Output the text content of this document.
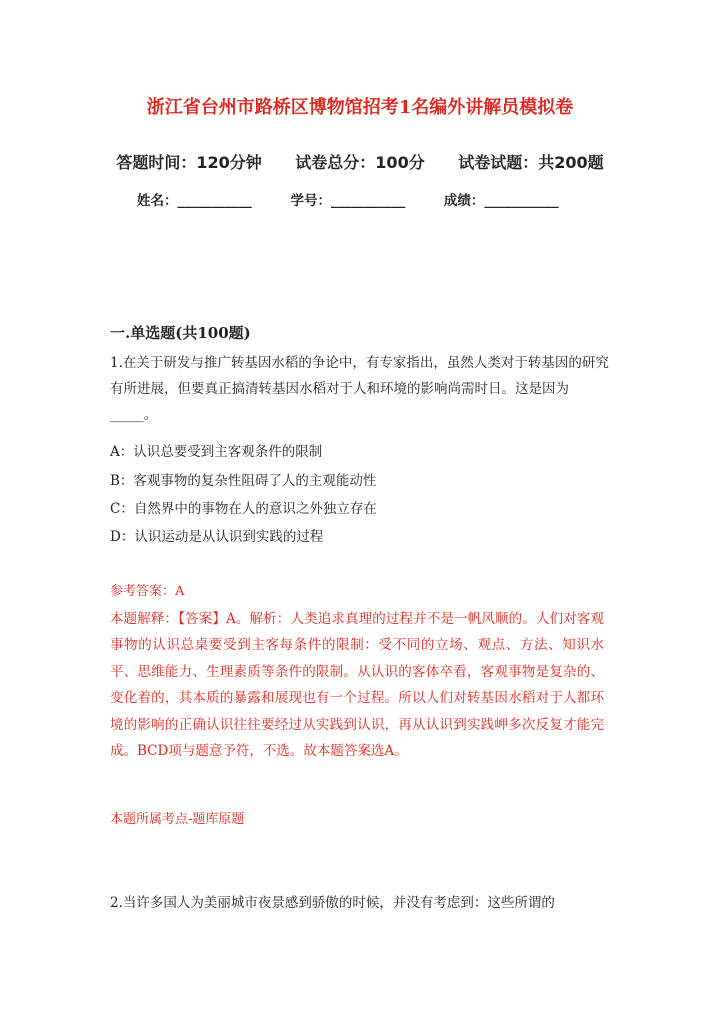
浙江省台州市路桥区博物馆招考1名编外讲解员模拟卷
答题时间：120分钟 试卷总分：100分 试卷试题：共200题
姓名：___________	学号：___________	成绩：___________
一.单选题(共100题)
1.在关于研发与推广转基因水稻的争论中，有专家指出，虽然人类对于转基因的研究有所进展，但要真正搞清转基因水稻对于人和环境的影响尚需时日。这是因为_____。
A：认识总要受到主客观条件的限制
B：客观事物的复杂性阻碍了人的主观能动性
C：自然界中的事物在人的意识之外独立存在
D：认识运动是从认识到实践的过程
参考答案：A
本题解释：【答案】A。解析：人类追求真理的过程并不是一帆风顺的。人们对客观事物的认识总桌要受到主客每条件的限制：受不同的立场、观点、方法、知识水平、思维能力、生理素质等条件的限制。从认识的客体卒看，客观事物是复杂的、变化着的，其本质的暴露和展现也有一个过程。所以人们对转基因水稻对于人都环境的影响的正确认识往往要经过从实践到认识，再从认识到实践岬多次反复才能完成。BCD项与题意予符，不选。故本题答案选A。
本题所属考点-题库原题
2.当许多国人为美丽城市夜景感到骄傲的时候，并没有考虑到：这些所谓的
